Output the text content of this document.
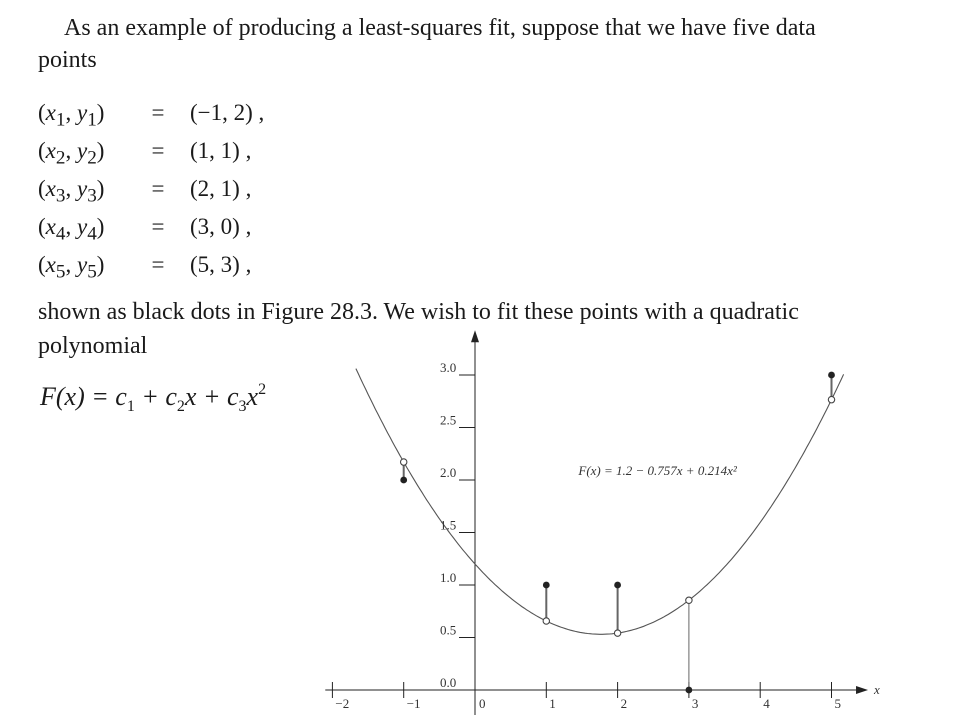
As an example of producing a least-squares fit, suppose that we have five data
points
($x_1$, $y_1) = (-1$, 2) ,
($x_2$, $y_2) = (1$, 1) ,
($x_3$, $y_3) = (2$, 1) ,
($x_4$, $y_4) = (3$, 0) ,
($x_5$, $y_5) = (5$, 3) ,
shown as black dots in Figure 28.3. We wish to fit these points with a quadratic
polynomial
$F(x) = c_1 + c_2x + c_3x^2$
x
−2	−1	0	1	2	3	4	5
0.0
0.5
1.0
1.5
2.0
2.5
3.0
F(x) = 1.2 − 0.757x + 0.214x²
